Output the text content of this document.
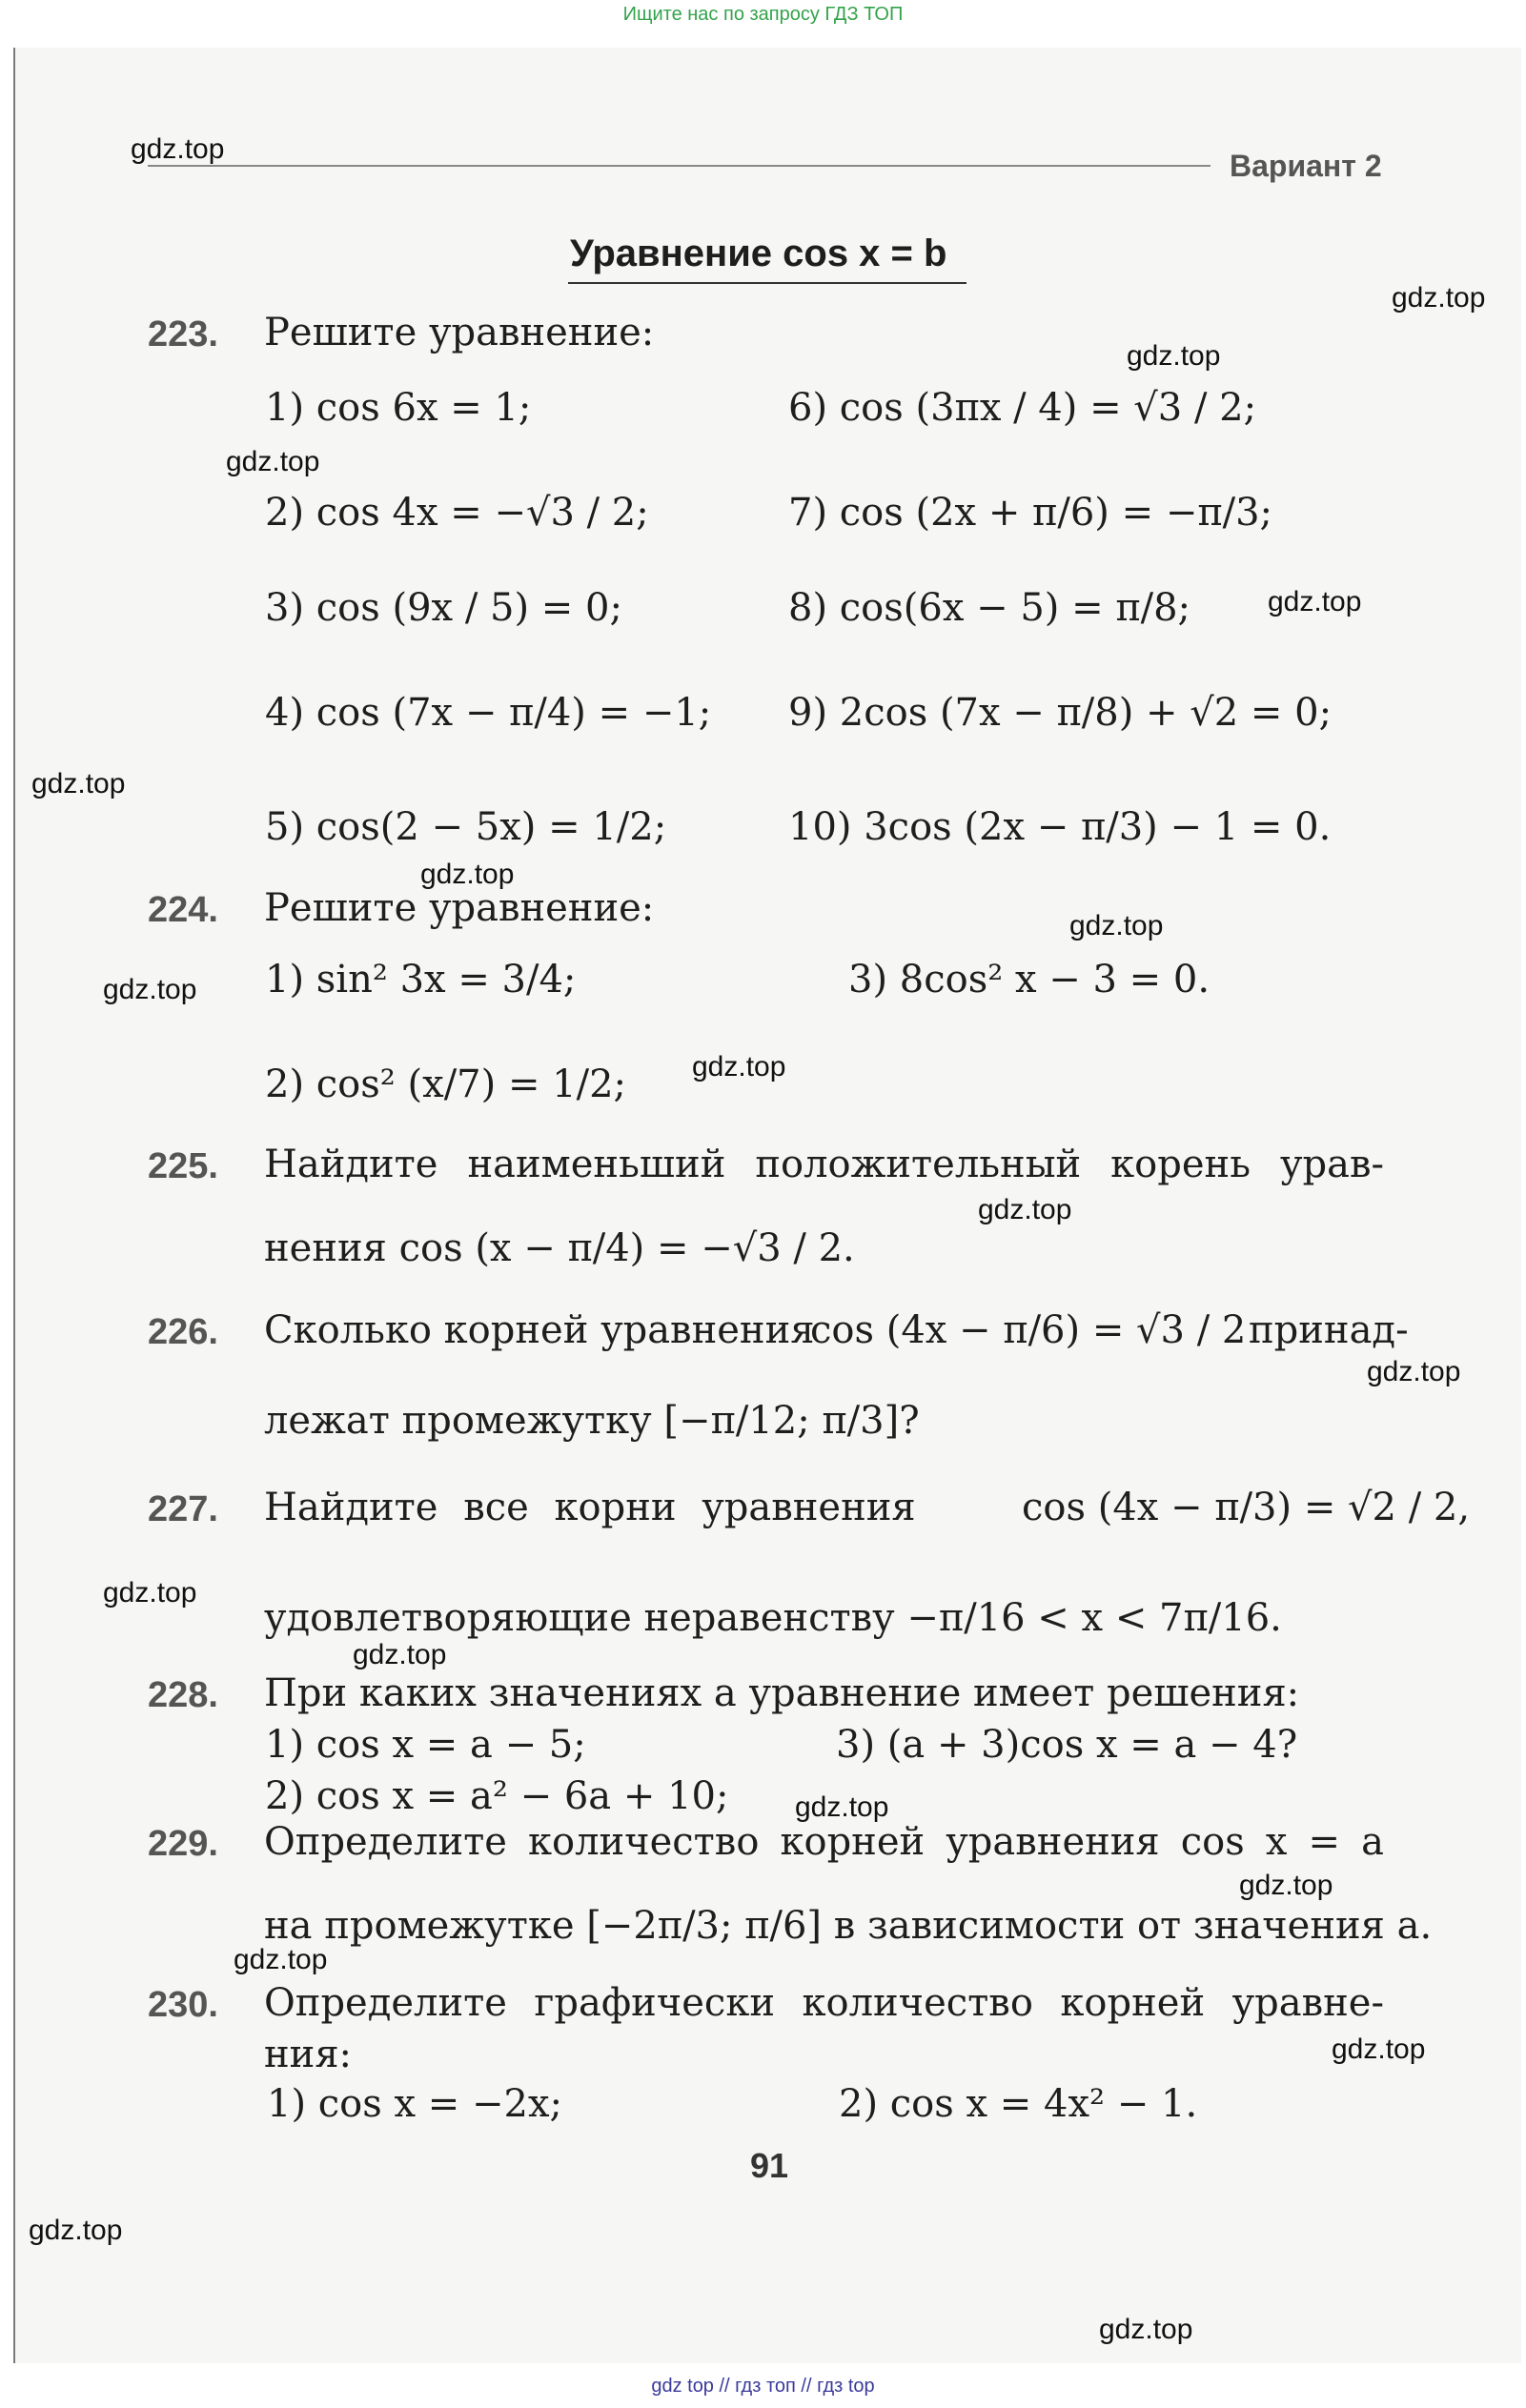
Ищите нас по запросу ГДЗ ТОП
gdz.top
gdz.top
gdz.top
gdz.top
gdz.top
gdz.top
gdz.top
gdz.top
gdz.top
gdz.top
gdz.top
gdz.top
gdz.top
gdz.top
gdz.top
gdz.top
gdz.top
gdz.top
gdz.top
gdz.top
Вариант 2
Уравнение cos x = b
223. Решите уравнение:
1) cos 6x = 1;	6) cos (3πx / 4) = √3 / 2;
2) cos 4x = −√3 / 2;	7) cos (2x + π/6) = −π/3;
3) cos (9x / 5) = 0;	8) cos(6x − 5) = π/8;
4) cos (7x − π/4) = −1; 9) 2cos (7x − π/8) + √2 = 0;
5) cos(2 − 5x) = 1/2;	10) 3cos (2x − π/3) − 1 = 0.
224. Решите уравнение:
1) sin² 3x = 3/4;	3) 8cos² x − 3 = 0.
2) cos² (x/7) = 1/2;
225. Найдите наименьший положительный корень урав-
нения cos (x − π/4) = −√3 / 2.
226. Сколько корней уравнения
cos (4x − π/6) = √3 / 2 принад-
лежат промежутку [−π/12; π/3]?
227. Найдите все корни уравнения	cos (4x − π/3) = √2 / 2,
удовлетворяющие неравенству −π/16 < x < 7π/16.
228. При каких значениях a уравнение имеет решения:
1) cos x = a − 5;	3) (a + 3)cos x = a − 4?
2) cos x = a² − 6a + 10;
229. Определите количество корней уравнения cos x = a
на промежутке [−2π/3; π/6] в зависимости от значения a.
230. Определите графически количество корней уравне-
ния:
1) cos x = −2x;	2) cos x = 4x² − 1.
91
gdz top // гдз топ // гдз top
